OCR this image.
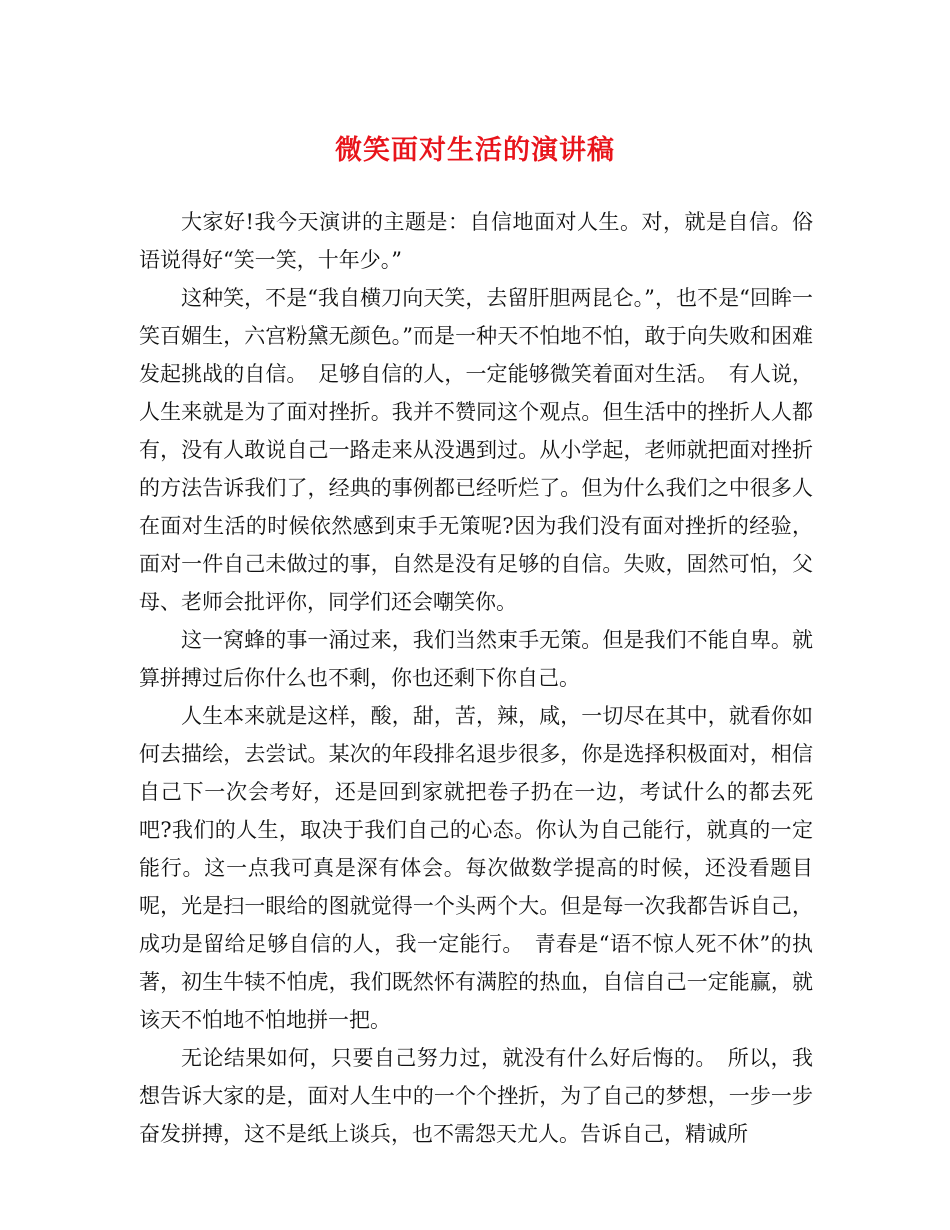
微笑面对生活的演讲稿

大家好!我今天演讲的主题是：自信地面对人生。对，就是自信。俗语说得好“笑一笑，十年少。”

这种笑，不是“我自横刀向天笑，去留肝胆两昆仑。”，也不是“回眸一笑百媚生，六宫粉黛无颜色。”而是一种天不怕地不怕，敢于向失败和困难发起挑战的自信。　足够自信的人，一定能够微笑着面对生活。　有人说，人生来就是为了面对挫折。我并不赞同这个观点。但生活中的挫折人人都有，没有人敢说自己一路走来从没遇到过。从小学起，老师就把面对挫折的方法告诉我们了，经典的事例都已经听烂了。但为什么我们之中很多人在面对生活的时候依然感到束手无策呢?因为我们没有面对挫折的经验，面对一件自己未做过的事，自然是没有足够的自信。失败，固然可怕，父母、老师会批评你，同学们还会嘲笑你。

这一窝蜂的事一涌过来，我们当然束手无策。但是我们不能自卑。就算拼搏过后你什么也不剩，你也还剩下你自己。

人生本来就是这样，酸，甜，苦，辣，咸，一切尽在其中，就看你如何去描绘，去尝试。某次的年段排名退步很多，你是选择积极面对，相信自己下一次会考好，还是回到家就把卷子扔在一边，考试什么的都去死吧?我们的人生，取决于我们自己的心态。你认为自己能行，就真的一定能行。这一点我可真是深有体会。每次做数学提高的时候，还没看题目呢，光是扫一眼给的图就觉得一个头两个大。但是每一次我都告诉自己，成功是留给足够自信的人，我一定能行。　青春是“语不惊人死不休”的执著，初生牛犊不怕虎，我们既然怀有满腔的热血，自信自己一定能赢，就该天不怕地不怕地拼一把。

无论结果如何，只要自己努力过，就没有什么好后悔的。　所以，我想告诉大家的是，面对人生中的一个个挫折，为了自己的梦想，一步一步奋发拼搏，这不是纸上谈兵，也不需怨天尤人。告诉自己，精诚所
